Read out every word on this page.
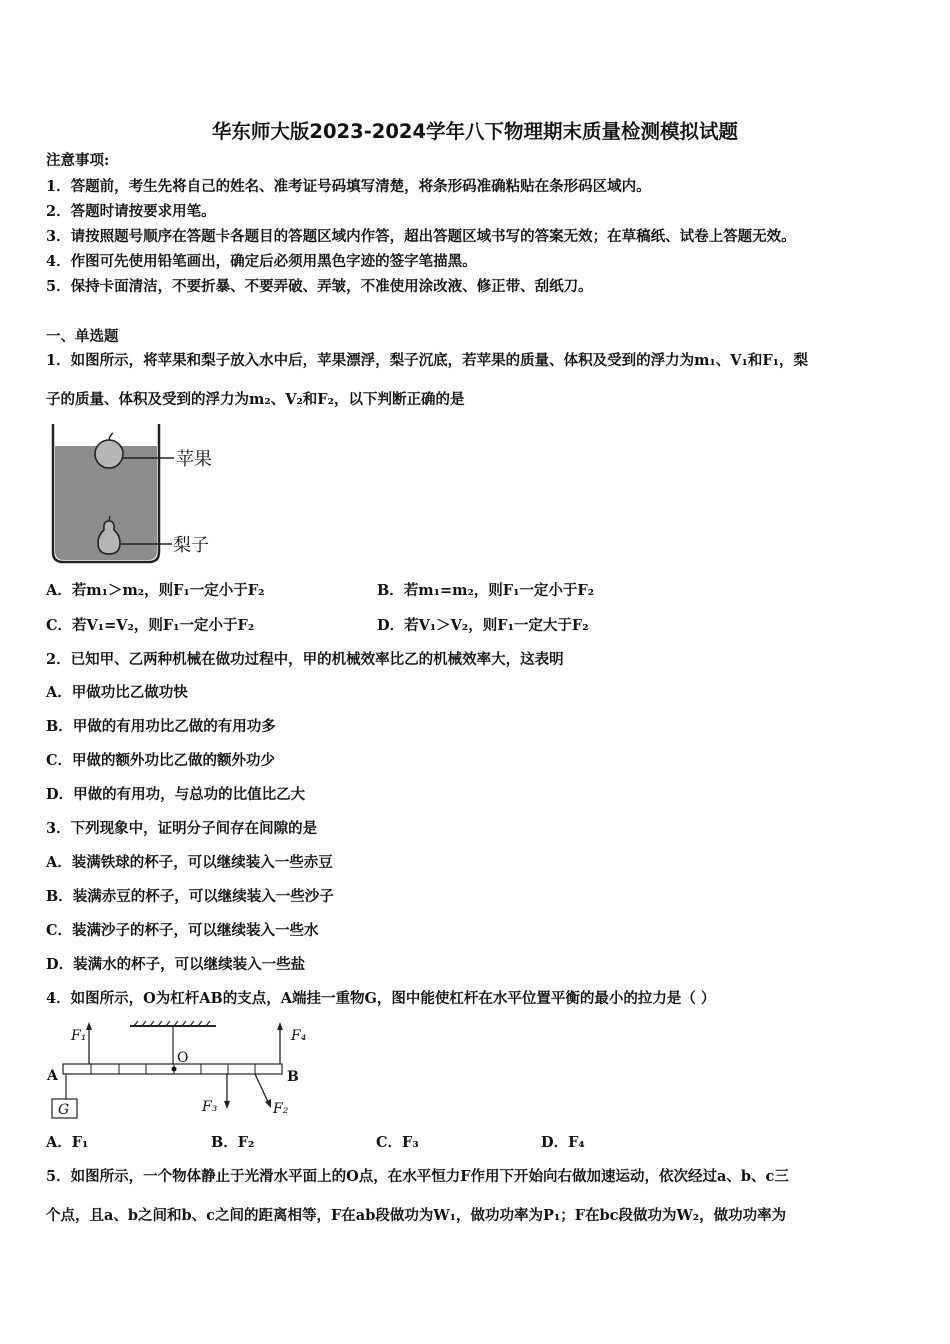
华东师大版2023-2024学年八下物理期末质量检测模拟试题
注意事项:
1．答题前，考生先将自己的姓名、准考证号码填写清楚，将条形码准确粘贴在条形码区域内。
2．答题时请按要求用笔。
3．请按照题号顺序在答题卡各题目的答题区域内作答，超出答题区域书写的答案无效；在草稿纸、试卷上答题无效。
4．作图可先使用铅笔画出，确定后必须用黑色字迹的签字笔描黑。
5．保持卡面清洁，不要折暴、不要弄破、弄皱，不准使用涂改液、修正带、刮纸刀。
一、单选题
1．如图所示，将苹果和梨子放入水中后，苹果漂浮，梨子沉底，若苹果的质量、体积及受到的浮力为m₁、V₁和F₁，梨
子的质量、体积及受到的浮力为m₂、V₂和F₂，以下判断正确的是
苹果
梨子
A．若m₁＞m₂，则F₁一定小于F₂	B．若m₁=m₂，则F₁一定小于F₂
C．若V₁=V₂，则F₁一定小于F₂	D．若V₁＞V₂，则F₁一定大于F₂
2．已知甲、乙两种机械在做功过程中，甲的机械效率比乙的机械效率大，这表明
A．甲做功比乙做功快
B．甲做的有用功比乙做的有用功多
C．甲做的额外功比乙做的额外功少
D．甲做的有用功，与总功的比值比乙大
3．下列现象中，证明分子间存在间隙的是
A．装满铁球的杯子，可以继续装入一些赤豆
B．装满赤豆的杯子，可以继续装入一些沙子
C．装满沙子的杯子，可以继续装入一些水
D．装满水的杯子，可以继续装入一些盐
4．如图所示，O为杠杆AB的支点，A端挂一重物G，图中能使杠杆在水平位置平衡的最小的拉力是（ ）
A	B
O
G
F₁	F₄
F₃	F₂
A．F₁	B．F₂	C．F₃	D．F₄
5．如图所示，一个物体静止于光滑水平面上的O点，在水平恒力F作用下开始向右做加速运动，依次经过a、b、c三
个点，且a、b之间和b、c之间的距离相等，F在ab段做功为W₁，做功功率为P₁；F在bc段做功为W₂，做功功率为
